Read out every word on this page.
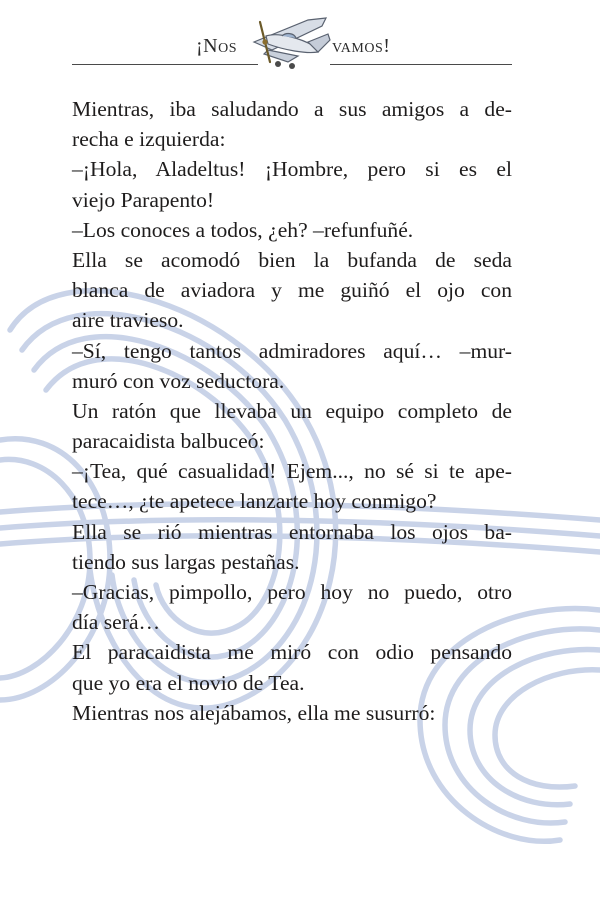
¡Nos	vamos!
Mientras, iba saludando a sus amigos a de-
recha e izquierda:
–¡Hola, Aladeltus! ¡Hombre, pero si es el
viejo Parapento!
–Los conoces a todos, ¿eh? –refunfuñé.
Ella se acomodó bien la bufanda de seda
blanca de aviadora y me guiñó el ojo con
aire travieso.
–Sí, tengo tantos admiradores aquí… –mur-
muró con voz seductora.
Un ratón que llevaba un equipo completo de
paracaidista balbuceó:
–¡Tea, qué casualidad! Ejem..., no sé si te ape-
tece…, ¿te apetece lanzarte hoy conmigo?
Ella se rió mientras entornaba los ojos ba-
tiendo sus largas pestañas.
–Gracias, pimpollo, pero hoy no puedo, otro
día será…
El paracaidista me miró con odio pensando
que yo era el novio de Tea.
Mientras nos alejábamos, ella me susurró:
